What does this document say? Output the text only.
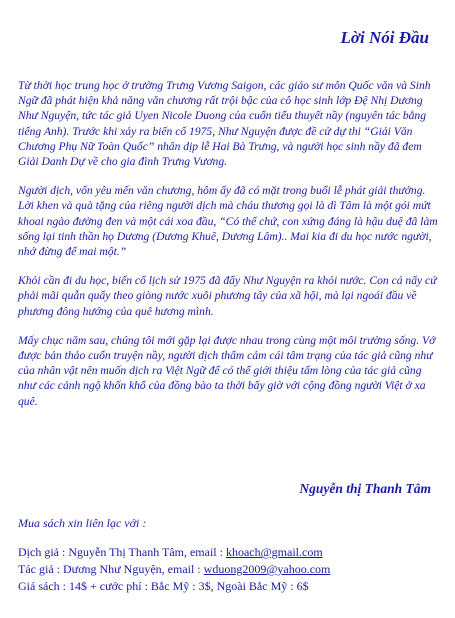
Lời Nói Đầu

Từ thời học trung học ở trường Trưng Vương Saigon, các giáo sư môn Quốc văn và Sinh Ngữ đã phát hiện khả năng văn chương rất trội bậc của cô học sinh lớp Đệ Nhị Dương Như Nguyện, tức tác giả Uyen Nicole Duong của cuốn tiểu thuyết nầy (nguyên tác bằng tiếng Anh). Trước khi xảy ra biến cố 1975, Như Nguyện được đề cử dự thi “Giải Văn Chương Phụ Nữ Toàn Quốc” nhân dịp lễ Hai Bà Trưng, và người học sinh nầy đã đem Giải Danh Dự về cho gia đình Trưng Vương.

Người dịch, vốn yêu mến văn chương, hôm ấy đã có mặt trong buổi lễ phát giải thưởng. Lời khen và quà tặng của riêng người dịch mà cháu thương gọi là dì Tâm là một gói mứt khoai ngào đường đen và một cái xoa đầu, “Có thế chứ, con xứng đáng là hậu duệ đã làm sống lại tinh thần họ Dương (Dương Khuê, Dương Lâm).. Mai kia đi du học nước người, nhớ đừng để mai một.”

Khỏi cần đi du học, biến cố lịch sử 1975 đã đẩy Như Nguyện ra khỏi nước. Con cá nẩy cứ phải mãi quẫn quẩy theo giòng nước xuôi phương tây của xã hội, mà lại ngoái đầu về phương đông hướng của quê hương mình.

Mấy chục năm sau, chúng tôi mới gặp lại được nhau trong cùng một môi trường sống. Vớ được bản thảo cuốn truyện nầy, người dịch thấm cảm cái tâm trạng của tác giả cũng như của nhân vật nên muốn dịch ra Việt Ngữ để có thế giới thiệu tấm lòng của tác giả cũng như các cảnh ngộ khốn khổ của đồng bào ta thời bấy giờ với cộng đồng người Việt ở xa quê.

Nguyễn thị Thanh Tâm
Mua sách xin liên lạc với :
Dịch giả : Nguyễn Thị Thanh Tâm, email : khoach@gmail.com
Tác giả : Dương Như Nguyện, email : wduong2009@yahoo.com
Giá sách : 14$ + cước phí : Bắc Mỹ : 3$, Ngoài Bắc Mỹ : 6$
